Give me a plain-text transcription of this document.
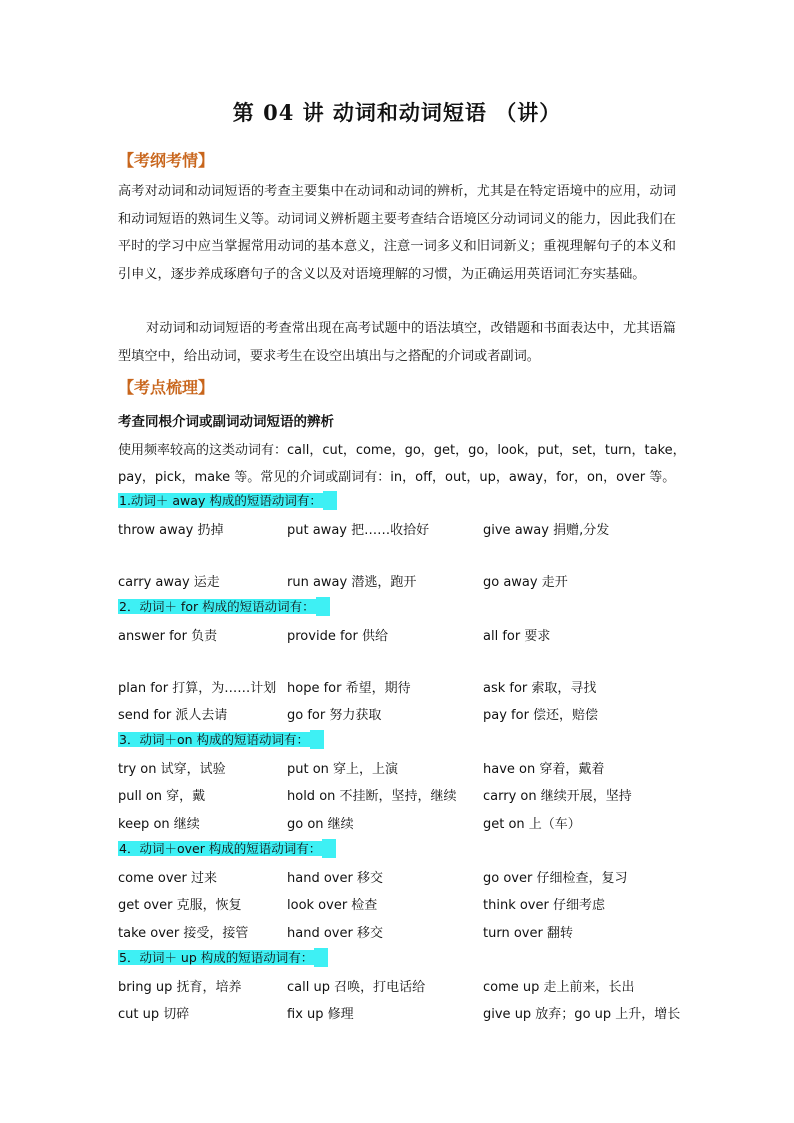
第 04 讲 动词和动词短语 （讲）
【考纲考情】
高考对动词和动词短语的考查主要集中在动词和动词的辨析，尤其是在特定语境中的应用，动词和动词短语的熟词生义等。动词词义辨析题主要考查结合语境区分动词词义的能力，因此我们在平时的学习中应当掌握常用动词的基本意义，注意一词多义和旧词新义；重视理解句子的本义和引申义，逐步养成琢磨句子的含义以及对语境理解的习惯，为正确运用英语词汇夯实基础。
对动词和动词短语的考查常出现在高考试题中的语法填空，改错题和书面表达中，尤其语篇型填空中，给出动词，要求考生在设空出填出与之搭配的介词或者副词。
【考点梳理】
考查同根介词或副词动词短语的辨析
使用频率较高的这类动词有：call，cut，come，go，get，go，look，put，set，turn，take，
pay，pick，make 等。常见的介词或副词有：in，off，out，up，away，for，on，over 等。
1.动词＋ away 构成的短语动词有：
throw away 扔掉	put away 把……收拾好	give away 捐赠,分发
carry away 运走	run away 潜逃，跑开	go away 走开
2．动词＋ for 构成的短语动词有：
answer for 负责	provide for 供给	all for 要求
plan for 打算，为……计划 hope for 希望，期待	ask for 索取，寻找
send for 派人去请	go for 努力获取	pay for 偿还，赔偿
3．动词＋on 构成的短语动词有：
try on 试穿，试验	put on 穿上，上演	have on 穿着，戴着
pull on 穿，戴	hold on 不挂断，坚持，继续 carry on 继续开展，坚持
keep on 继续	go on 继续	get on 上（车）
4．动词＋over 构成的短语动词有：
come over 过来	hand over 移交	go over 仔细检查，复习
get over 克服，恢复	look over 检查	think over 仔细考虑
take over 接受，接管	hand over 移交	turn over 翻转
5．动词＋ up 构成的短语动词有：
bring up 抚育，培养	call up 召唤，打电话给	come up 走上前来，长出
cut up 切碎	fix up 修理	give up 放弃；go up 上升，增长
